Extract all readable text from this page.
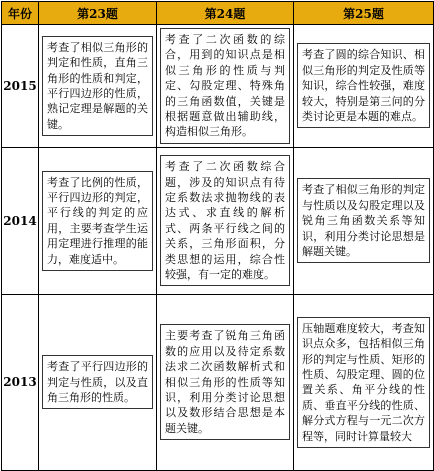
年份	第23题	第24题	第25题
2015	考查了相似三角形的判定和性质，直角三角形的性质和判定，平行四边形的性质，熟记定理是解题的关键。	考查了二次函数的综合，用到的知识点是相似三角形的性质与判定、勾股定理、特殊角的三角函数值，关键是根据题意做出辅助线，构造相似三角形。	考查了圆的综合知识、相似三角形的判定及性质等知识，综合性较强，难度较大，特别是第三问的分类讨论更是本题的难点。

2014	考查了比例的性质，平行四边形的判定，平行线的判定的应用，主要考查学生运用定理进行推理的能力，难度适中。	考查了二次函数综合题，涉及的知识点有待定系数法求抛物线的表达式、求直线的解析式、两条平行线之间的关系，三角形面积，分类思想的运用，综合性较强，有一定的难度。	考查了相似三角形的判定与性质以及勾股定理以及锐角三角函数关系等知识，利用分类讨论思想是解题关键。

2013	考查了平行四边形的判定与性质，以及直角三角形的性质。	主要考查了锐角三角函数的应用以及待定系数法求二次函数解析式和相似三角形的性质等知识，利用分类讨论思想以及数形结合思想是本题关键。	压轴题难度较大，考查知识点众多，包括相似三角形的判定与性质、矩形的性质、勾股定理、圆的位置关系、角平分线的性质、垂直平分线的性质、解分式方程与一元二次方程等，同时计算量较大
